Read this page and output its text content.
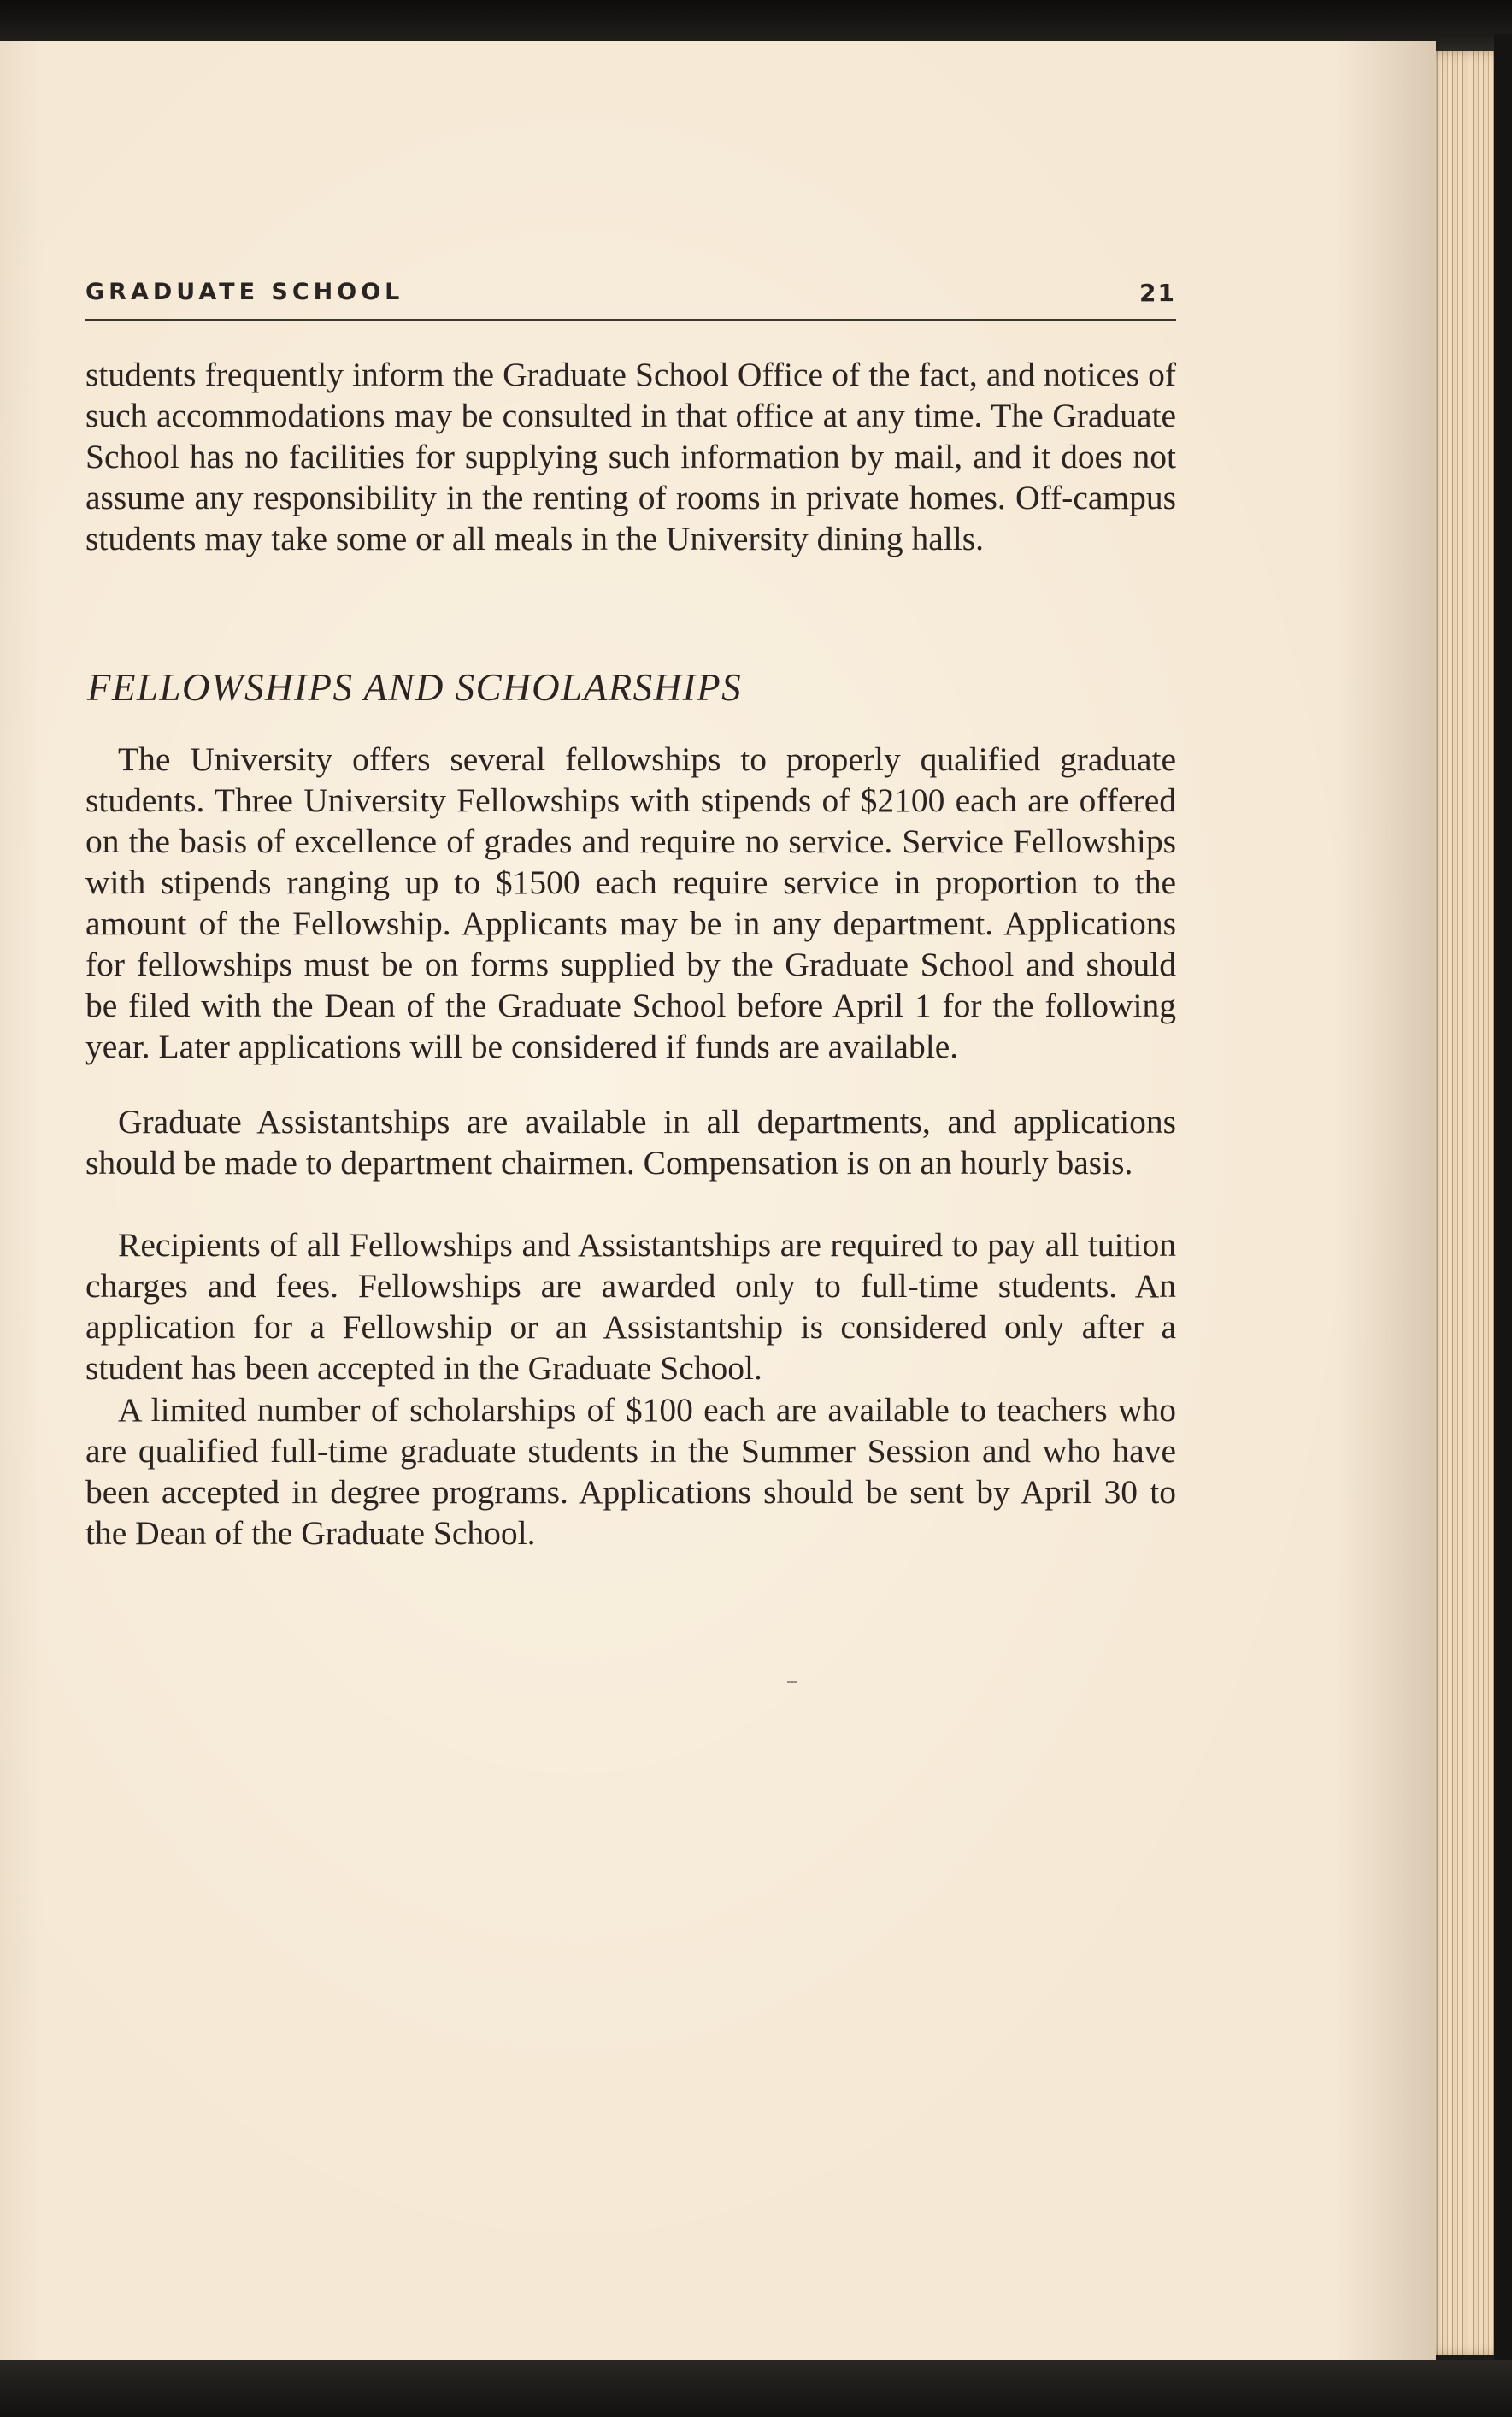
GRADUATE SCHOOL	21

students frequently inform the Graduate School Office of the fact, and notices of such accommodations may be consulted in that office at any time. The Graduate School has no facilities for supplying such information by mail, and it does not assume any responsibility in the renting of rooms in private homes. Off-campus students may take some or all meals in the University dining halls.

FELLOWSHIPS AND SCHOLARSHIPS

The University offers several fellowships to properly qualified graduate students. Three University Fellowships with stipends of $2100 each are offered on the basis of excellence of grades and require no service. Service Fellowships with stipends ranging up to $1500 each require service in proportion to the amount of the Fellowship. Applicants may be in any department. Applications for fellowships must be on forms supplied by the Graduate School and should be filed with the Dean of the Graduate School before April 1 for the following year. Later applications will be considered if funds are available.

Graduate Assistantships are available in all departments, and applications should be made to department chairmen. Compensation is on an hourly basis.

Recipients of all Fellowships and Assistantships are required to pay all tuition charges and fees. Fellowships are awarded only to full-time students. An application for a Fellowship or an Assistantship is considered only after a student has been accepted in the Graduate School.

A limited number of scholarships of $100 each are available to teachers who are qualified full-time graduate students in the Summer Session and who have been accepted in degree programs. Applications should be sent by April 30 to the Dean of the Graduate School.
